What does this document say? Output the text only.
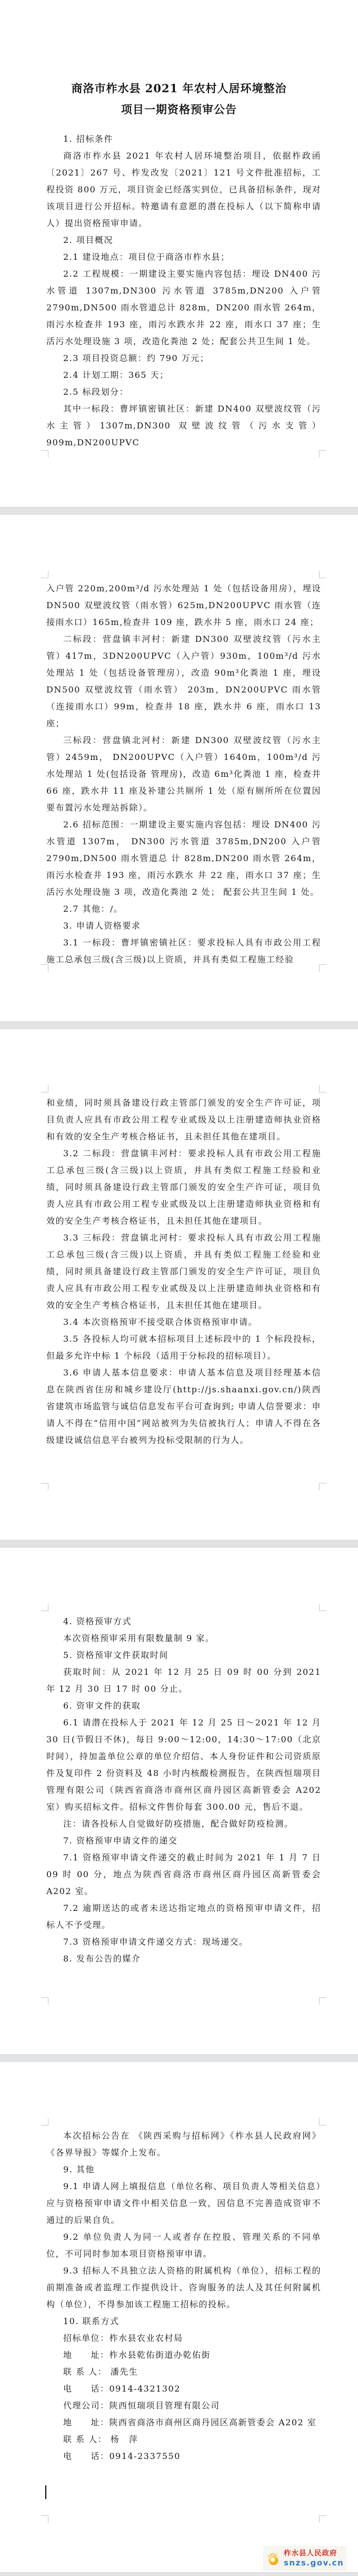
商洛市柞水县 2021 年农村人居环境整治
项目一期资格预审公告

1. 招标条件

商洛市柞水县 2021 年农村人居环境整治项目，依据柞政函〔2021〕267 号、柞发改发〔2021〕121 号文件批准招标，工程投资 800 万元，项目资金已经落实到位，已具备招标条件，现对该项目进行公开招标。特邀请有意愿的潜在投标人（以下简称申请人）提出资格预审申请。

2. 项目概况

2.1 建设地点：项目位于商洛市柞水县；

2.2 工程规模：一期建设主要实施内容包括：埋设 DN400 污水管道 1307m,DN300 污水管道 3785m,DN200 入户管 2790m,DN500 雨水管道总计 828m，DN200 雨水管 264m，雨污水检查井 193 座，雨污水跌水井 22 座，雨水口 37 座；生活污水处理设施 3 项，改造化粪池 2 处；配套公共卫生间 1 处。

2.3 项目投资总额：约 790 万元；

2.4 计划工期：365 天；

2.5 标段划分：

其中一标段：曹坪镇密镇社区：新建 DN400 双壁波纹管（污水主管）1307m,DN300 双壁波纹管（污水支管）909m,DN200UPVC

入户管 220m,200m³/d 污水处理站 1 处（包括设备用房），埋设 DN500 双壁波纹管（雨水管）625m,DN200UPVC 雨水管（连接雨水口）165m,检查井 109 座，跌水井 5 座，雨水口 24 座；

二标段：营盘镇丰河村：新建 DN300 双壁波纹管（污水主管）417m，3DN200UPVC（入户管）930m，100m³/d 污水处理站 1 处（包括设备管理房），改造 90m³化粪池 1 座，埋设 DN500 双壁波纹管（雨水管） 203m，DN200UPVC 雨水管（连接雨水口）99m，检查井 18 座，跌水井 6 座，雨水口 13 座；

三标段：营盘镇北河村：新建 DN300 双壁波纹管（污水主管）2459m， DN200UPVC（入户管）1640m，100m³/d 污水处理站 1 处(包括设备 管理房)，改造 6m³化粪池 1 座，检查井 66 座，跌水井 11 座及补建公共厕所 1 处（原有厕所所在位置因要布置污水处理站拆除）。

2.6 招标范围：一期建设主要实施内容包括：埋设 DN400 污水管道 1307m， DN300 污水管道 3785m,DN200 入户管 2790m,DN500 雨水管道总 计 828m,DN200 雨水管 264m，雨污水检查井 193 座，雨污水跌水 井 22 座，雨水口 37 座；生活污水处理设施 3 项，改造化粪池 2 处； 配套公共卫生间 1 处。

2.7 其他：/。

3. 申请人资格要求

3.1 一标段：曹坪镇密镇社区：要求投标人具有市政公用工程施工总承包三级(含三级)以上资质，并具有类似工程施工经验

和业绩，同时须具备建设行政主管部门颁发的安全生产许可证，项目负责人应具有市政公用工程专业贰级及以上注册建造师执业资格和有效的安全生产考核合格证书，且未担任其他在建项目。

3.2 二标段：营盘镇丰河村：要求投标人具有市政公用工程施工总承包三级(含三级)以上资质，并具有类似工程施工经验和业绩，同时须具备建设行政主管部门颁发的安全生产许可证，项目负责人应具有市政公用工程专业贰级及以上注册建造师执业资格和有效的安全生产考核合格证书，且未担任其他在建项目。

3.3 三标段：营盘镇北河村：要求投标人具有市政公用工程施工总承包三级(含三级)以上资质，并具有类似工程施工经验和业绩，同时须具备建设行政主管部门颁发的安全生产许可证，项目负责人应具有市政公用工程专业贰级及以上注册建造师执业资格和有效的安全生产考核合格证书，且未担任其他在建项目。

3.4 本次资格预审不接受联合体资格预审申请。

3.5 各投标人均可就本招标项目上述标段中的 1 个标段投标，但最多允许中标 1 个标段（适用于分标段的招标项目）。

3.6 申请人基本信息要求：申请人基本信息及项目经理基本信息在陕西省住房和城乡建设厅(http://js.shaanxi.gov.cn/)陕西省建筑市场监管与诚信信息发布平台可查询到; 申请人信誉要求：申请人不得在“信用中国”网站被列为失信被执行人；申请人不得在各级建设诚信信息平台被列为投标受限制的行为人。

4. 资格预审方式

本次资格预审采用有限数量制 9 家。

5. 资格预审文件获取时间

获取时间：从 2021 年 12 月 25 日 09 时 00 分到 2021 年 12 月 30 日 17 时 00 分止。

6. 资审文件的获取

6.1 请潜在投标人于 2021 年 12 月 25 日～2021 年 12 月 30 日(节假日不休)，每日 9:00～12:00，14:30～17:00（北京时间），持加盖单位公章的单位介绍信、本人身份证件和公司资质原件及复印件 2 份资料及 48 小时内核酸检测报告，在陕西恒瑞项目管理有限公司（陕西省商洛市商州区商丹园区高新管委会 A202 室）购买招标文件。招标文件售价每套 300.00 元，售后不退。

注：请各投标人自觉做好防疫措施，配合做好防疫检测。

7. 资格预审申请文件的递交

7.1 资格预审申请文件递交的截止时间为 2021 年 1 月 7 日 09 时 00 分，地点为陕西省商洛市商州区商丹园区高新管委会 A202 室。

7.2 逾期送达的或者未送达指定地点的资格预审申请文件，招标人不予受理。

7.3 资格预审申请文件递交方式：现场递交。

8. 发布公告的媒介

本次招标公告在 《陕西采购与招标网》《柞水县人民政府网》《各界导报》等媒介上发布。

9. 其他

9.1 申请人网上填报信息（单位名称、项目负责人等相关信息）应与资格预审申请文件中相关信息一致，因信息不完善造成资审不通过的后果自负。

9.2 单位负责人为同一人或者存在控股、管理关系的不同单位，不可同时参加本项目资格预审申请。

9.3 招标人不具独立法人资格的附属机构（单位），招标工程的前期准备或者监理工作提供设计、咨询服务的法人及其任何附属机构（单位），不得参加该工程施工招标的投标。

10. 联系方式

招标单位：柞水县农业农村局

地　　址：柞水县乾佑街道办乾佑街

联 系 人： 潘先生

电　　话：0914-4321302

代理公司：陕西恒瑞项目管理有限公司

地　　址：陕西省商洛市商州区商丹园区高新管委会 A202 室

联 系 人： 杨　萍

电　　话：0914-2337550

柞水县人民政府
snzs.gov.cn
